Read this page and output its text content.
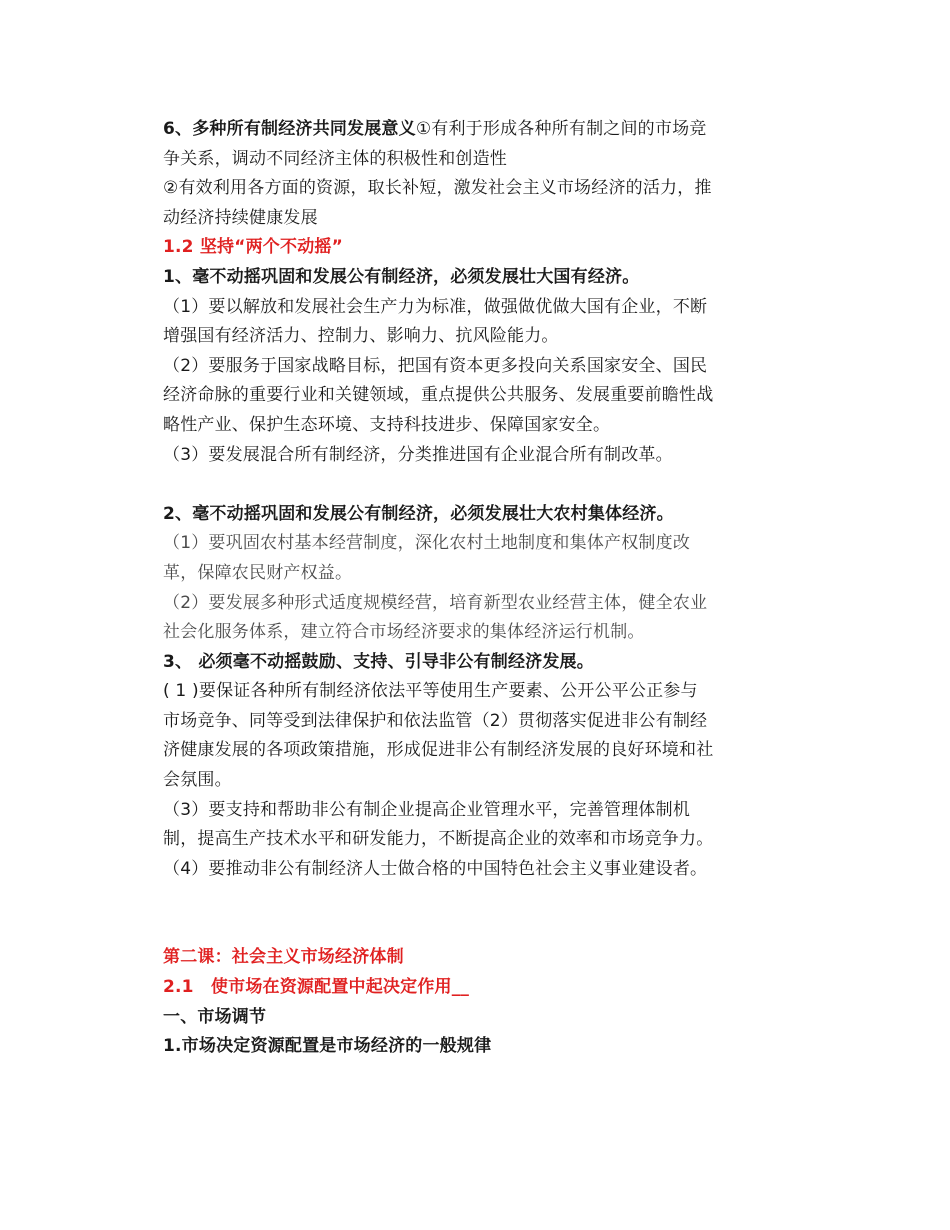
6、多种所有制经济共同发展意义①有利于形成各种所有制之间的市场竞
争关系，调动不同经济主体的积极性和创造性
②有效利用各方面的资源，取长补短，激发社会主义市场经济的活力，推
动经济持续健康发展
1.2 坚持“两个不动摇”
1、毫不动摇巩固和发展公有制经济，必须发展壮大国有经济。
（1）要以解放和发展社会生产力为标准，做强做优做大国有企业，不断
增强国有经济活力、控制力、影响力、抗风险能力。
（2）要服务于国家战略目标，把国有资本更多投向关系国家安全、国民
经济命脉的重要行业和关键领域，重点提供公共服务、发展重要前瞻性战
略性产业、保护生态环境、支持科技进步、保障国家安全。
（3）要发展混合所有制经济，分类推进国有企业混合所有制改革。
2、毫不动摇巩固和发展公有制经济，必须发展壮大农村集体经济。
（1）要巩固农村基本经营制度，深化农村土地制度和集体产权制度改
革，保障农民财产权益。
（2）要发展多种形式适度规模经营，培育新型农业经营主体，健全农业
社会化服务体系，建立符合市场经济要求的集体经济运行机制。
3、 必须毫不动摇鼓励、支持、引导非公有制经济发展。
( 1 )要保证各种所有制经济依法平等使用生产要素、公开公平公正参与
市场竞争、同等受到法律保护和依法监管（2）贯彻落实促进非公有制经
济健康发展的各项政策措施，形成促进非公有制经济发展的良好环境和社
会氛围。
（3）要支持和帮助非公有制企业提高企业管理水平，完善管理体制机
制，提高生产技术水平和研发能力，不断提高企业的效率和市场竞争力。
（4）要推动非公有制经济人士做合格的中国特色社会主义事业建设者。
第二课：社会主义市场经济体制
2.1　使市场在资源配置中起决定作用__
一、市场调节
1.市场决定资源配置是市场经济的一般规律
